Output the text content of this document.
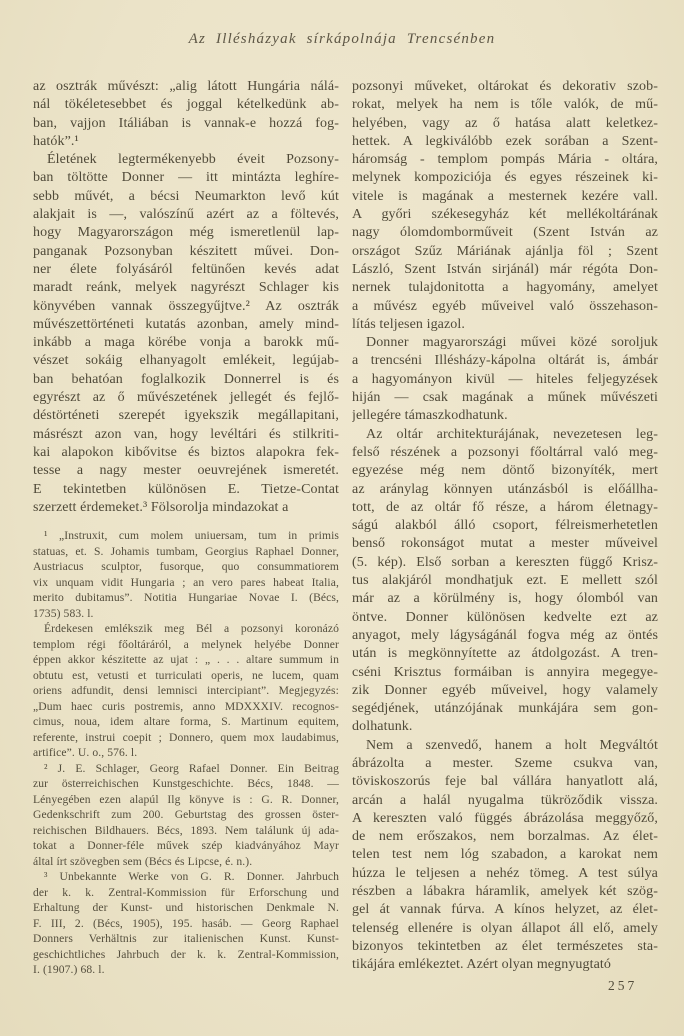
Az Illésházyak sírkápolnája Trencsénben
az osztrák művészt: „alig látott Hungária nálá-
nál tökéletesebbet és joggal kételkedünk ab-
ban, vajjon Itáliában is vannak-e hozzá fog-
hatók”.¹
Életének legtermékenyebb éveit Pozsony-
ban töltötte Donner — itt mintázta leghíre-
sebb művét, a bécsi Neumarkton levő kút
alakjait is —, valószínű azért az a föltevés,
hogy Magyarországon még ismeretlenül lap-
panganak Pozsonyban készitett művei. Don-
ner élete folyásáról feltünően kevés adat
maradt reánk, melyek nagyrészt Schlager kis
könyvében vannak összegyűjtve.² Az osztrák
művészettörténeti kutatás azonban, amely mind-
inkább a maga körébe vonja a barokk mű-
vészet sokáig elhanyagolt emlékeit, legújab-
ban behatóan foglalkozik Donnerrel is és
egyrészt az ő művészetének jellegét és fejlő-
déstörténeti szerepét igyekszik megállapitani,
másrészt azon van, hogy levéltári és stilkriti-
kai alapokon kibővitse és biztos alapokra fek-
tesse a nagy mester oeuvrejének ismeretét.
E tekintetben különösen E. Tietze-Contat
szerzett érdemeket.³ Fölsorolja mindazokat a
¹ „Instruxit, cum molem uniuersam, tum in primis
statuas, et. S. Johamis tumbam, Georgius Raphael Donner,
Austriacus sculptor, fusorque, quo consummatiorem
vix unquam vidit Hungaria ; an vero pares habeat Italia,
merito dubitamus”. Notitia Hungariae Novae I. (Bécs,
1735) 583. l.
Érdekesen emlékszik meg Bél a pozsonyi koronázó
templom régi főoltáráról, a melynek helyébe Donner
éppen akkor készitette az ujat : „ . . . altare summum in
obtutu est, vetusti et turriculati operis, ne lucem, quam
oriens adfundit, densi lemnisci intercipiant”. Megjegyzés:
„Dum haec curis postremis, anno MDXXXIV. recognos-
cimus, noua, idem altare forma, S. Martinum equitem,
referente, instrui coepit ; Donnero, quem mox laudabimus,
artifice”. U. o., 576. l.
² J. E. Schlager, Georg Rafael Donner. Ein Beitrag
zur österreichischen Kunstgeschichte. Bécs, 1848. —
Lényegében ezen alapúl Ilg könyve is : G. R. Donner,
Gedenkschrift zum 200. Geburtstag des grossen öster-
reichischen Bildhauers. Bécs, 1893. Nem találunk új ada-
tokat a Donner-féle művek szép kiadványához Mayr
által írt szövegben sem (Bécs és Lipcse, é. n.).
³ Unbekannte Werke von G. R. Donner. Jahrbuch
der k. k. Zentral-Kommission für Erforschung und
Erhaltung der Kunst- und historischen Denkmale N.
F. III, 2. (Bécs, 1905), 195. hasáb. — Georg Raphael
Donners Verhältnis zur italienischen Kunst. Kunst-
geschichtliches Jahrbuch der k. k. Zentral-Kommission,
I. (1907.) 68. l.
pozsonyi műveket, oltárokat és dekorativ szob-
rokat, melyek ha nem is tőle valók, de mű-
helyében, vagy az ő hatása alatt keletkez-
hettek. A legkiválóbb ezek sorában a Szent-
háromság - templom pompás Mária - oltára,
melynek kompoziciója és egyes részeinek ki-
vitele is magának a mesternek kezére vall.
A győri székesegyház két mellékoltárának
nagy ólomdomborműveit (Szent István az
országot Szűz Máriának ajánlja föl ; Szent
László, Szent István sirjánál) már régóta Don-
nernek tulajdonitotta a hagyomány, amelyet
a művész egyéb műveivel való összehason-
lítás teljesen igazol.
Donner magyarországi művei közé soroljuk
a trencséni Illésházy-kápolna oltárát is, ámbár
a hagyományon kivül — hiteles feljegyzések
hiján — csak magának a műnek művészeti
jellegére támaszkodhatunk.
Az oltár architekturájának, nevezetesen leg-
felső részének a pozsonyi főoltárral való meg-
egyezése még nem döntő bizonyíték, mert
az aránylag könnyen utánzásból is előállha-
tott, de az oltár fő része, a három életnagy-
ságú alakból álló csoport, félreismerhetetlen
benső rokonságot mutat a mester műveivel
(5. kép). Első sorban a kereszten függő Krisz-
tus alakjáról mondhatjuk ezt. E mellett szól
már az a körülmény is, hogy ólomból van
öntve. Donner különösen kedvelte ezt az
anyagot, mely lágyságánál fogva még az öntés
után is megkönnyítette az átdolgozást. A tren-
cséni Krisztus formáiban is annyira megegye-
zik Donner egyéb műveivel, hogy valamely
segédjének, utánzójának munkájára sem gon-
dolhatunk.
Nem a szenvedő, hanem a holt Megváltót
ábrázolta a mester. Szeme csukva van,
töviskoszorús feje bal vállára hanyatlott alá,
arcán a halál nyugalma tükröződik vissza.
A kereszten való függés ábrázolása meggyőző,
de nem erőszakos, nem borzalmas. Az élet-
telen test nem lóg szabadon, a karokat nem
húzza le teljesen a nehéz tömeg. A test súlya
részben a lábakra háramlik, amelyek két szög-
gel át vannak fúrva. A kínos helyzet, az élet-
telenség ellenére is olyan állapot áll elő, amely
bizonyos tekintetben az élet természetes sta-
tikájára emlékeztet. Azért olyan megnyugtató
257
